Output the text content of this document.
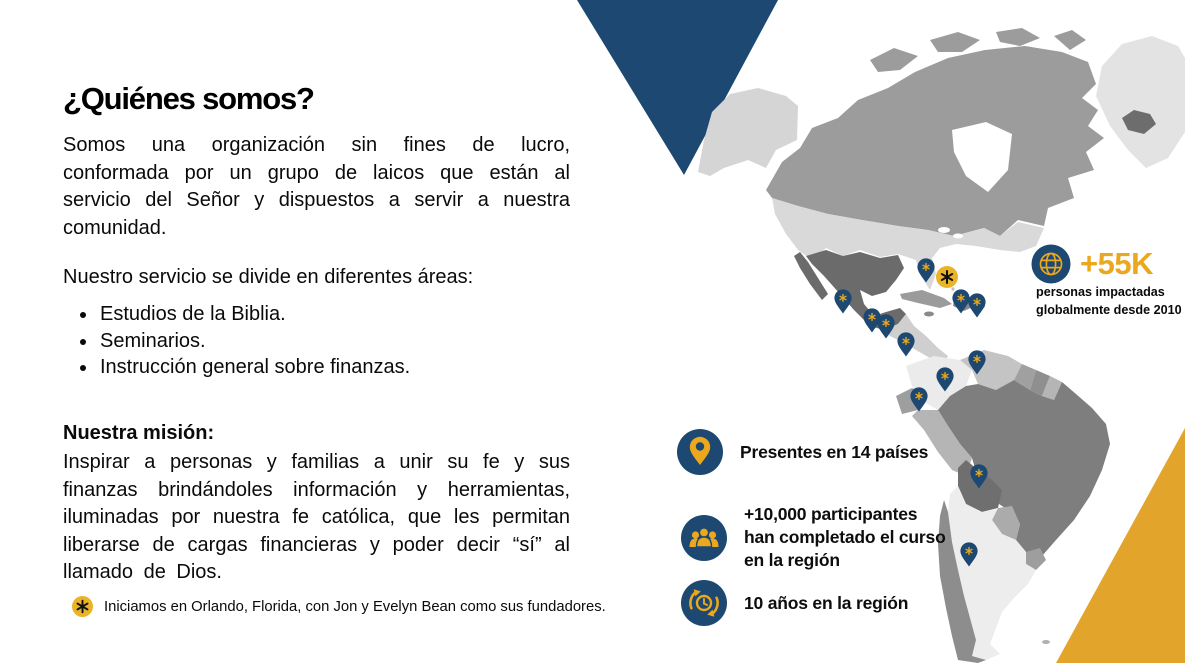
¿Quiénes somos?

Somos una organización sin fines de lucro, conformada por un grupo de laicos que están al servicio del Señor y dispuestos a servir a nuestra comunidad.

Nuestro servicio se divide en diferentes áreas:

• Estudios de la Biblia.
• Seminarios.
• Instrucción general sobre finanzas.

Nuestra misión:

Inspirar a personas y familias a unir su fe y sus finanzas brindándoles información y herramientas, iluminadas por nuestra fe católica, que les permitan liberarse de cargas financieras y poder decir “sí” al llamado de Dios.

Iniciamos en Orlando, Florida, con Jon y Evelyn Bean como sus fundadores.
+55K
personas impactadas
globalmente desde 2010
Presentes en 14 países
+10,000 participantes
han completado el curso
en la región
10 años en la región
